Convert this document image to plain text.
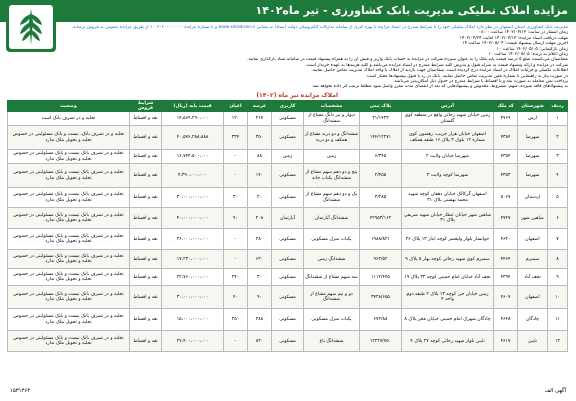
مزایده املاک تملیکی مدیریت بانک کشاورزی - تیر ماه۱۴۰۲
مدیریت بانک کشاورزی استان اصفهان در نظر دارد املاک تملیکی خود را با شرایط مندرج در اسناد مزایده با بهره گیری از سامانه تدارکات الکترونیکی دولت (ستاد) به نشانی www.setadiran.ir و با شماره مزایده ۱۰۰۲۰۲۰۰۰۰۰۰۰۰ از طریق مزایده عمومی به فروش برساند.
زمان انتشار در سایت: ۱۴۰۲/۰۴/۱۴ ساعت ۰۸:۰۰
مهلت دریافت اسناد مزایده: ۱۴۰۲/۰۴/۱۴ لغایت ۱۴۰۲/۰۴/۲۴
آخرین مهلت ارسال پیشنهاد قیمت: ۱۴۰۲/۰۵/۰۴ ساعت ۱۴
زمان بازگشایی: ۱۴۰۲/۰۵/۰۵ ساعت ۱۰
زمان اعلام به برنده: ۱۴۰۲/۰۵/۰۵ ساعت ۱۰
متقاضیان می‌بایست مبلغ ۵ درصد قیمت پایه ملک را به عنوان سپرده شرکت در مزایده به حساب بانک واریز و فیش آن را به همراه پیشنهاد قیمت در سامانه ستاد بارگذاری نمایند.
شرکت در مزایده و ارائه پیشنهاد قیمت به منزله قبول و پذیرش کلیه شرایط مندرج در اسناد مزایده می‌باشد و کلیه هزینه‌ها به عهده خریدار است.
اطلاعات تکمیلی و جزئیات املاک در اسناد مزایده درج گردیده است. متقاضیان جهت بازدید از املاک با واحد املاک مدیریت تماس حاصل نمایند.
در صورت نیاز به راهنمایی با شماره تلفن مدیریت تماس حاصل نمایند. بانک در رد یا قبول پیشنهادها مختار است.
پرداخت ثمن معامله به صورت نقد و یا اقساط با شرایط مندرج در جدول ذیل امکان‌پذیر می‌باشد.
به پیشنهادهای فاقد سپرده، مبهم، مشروط، مخدوش و پیشنهادهایی که بعد از انقضای مدت مقرر واصل شود مطلقاً ترتیب اثر داده نخواهد شد.
املاک مزایده تیر ماه (۱۴۰۲)
ردیف	شهرستان	کد ملک	آدرس	پلاک ثبتی	مشخصات	کاربری	عرصه	اعیان	قیمت پایه (ریال)	شرایط فروش	وضعیت
۱	ارس	۴۷۶۹	زمین خیابان شهید رجائی واقع در منطقه کوی گلستان	۲۱/۱۴۳۳	دیوار و تیر دانگ مشاع از ششدانگ	مسکونی	۲۶۷	۱۲۰	۱۴،۵۶۴،۲۹۰،۰۰۰	نقد و اقساط	تخلیه و در تصرف بانک است
۲	شهرضا	۴۳۸۴	اصفهان خیابان هزار جریب، رهنمون کوی شماره ۱۲ بلوک ۳ پلاک ۱۶ طبقه همکف	۱۴۴/۱۲۲۷۱	ششدانگ و دو دربه مشاع از همکف و دو دربه	مسکونی	۳۵۰	۳۳۴	۴۰،۵۷۶،۲۸۸،۸۸۸	نقد و اقساط	تخلیه و در تصرف بانک، نیست و بانک مسئولیتی در خصوص تخلیه و تحویل ملک ندارد
۳	شهرضا	۴۳۵۴	شهرضا خیابان ولایت ۲	۶/۳۴۵	زمین	زمین	۸۸	-	۱۶،۷۴۴،۵۰۰،۰۰۰	نقد و اقساط	تخلیه و در تصرف بانک نیست و بانک مسئولیتی در خصوص تخلیه و تحویل ملک ندارد
۴	شهرضا	۴۳۵۳	شهرضا کوچه ولایت ۳	۲/۴۵۵	پنج و دو دهم سهم مشاع از ششدانگ یکباب خانه	مسکونی	۱۴۰	-	۴،۳۹۰،۰۰۰،۰۰۰	نقد و اقساط	تخلیه و در تصرف بانک نیست و بانک مسئولیتی در خصوص تخلیه و تحویل ملک ندارد
۵	اردستان	۵۰۶۷	اصفهان گرکالک خیابان دهقان کوچه شهید محمد بهشتی پلاک ۳۱	۳/۲۸۵	یک و دو دهم سهم مشاع از ششدانگ	مسکونی	۲۰	۳۰	۳۰،۰۰۰،۰۰۰،۰۰۰	نقد و اقساط	تخلیه و در تصرف بانک نیست و بانک مسئولیتی در خصوص تخلیه و تحویل ملک ندارد
۶	شاهین شهر	۴۷۴۷	شاهین شهر خیابان عطار خیابان شهید شریفی پلاک ۳۱	۴۲۹۵۳/۱۶۲	ششدانگ آپارتمان	آپارتمان	۲۰۸	۹۰	۴۰،۰۰۰،۰۰۰،۰۰۰	نقد و اقساط	تخلیه و در تصرف بانک نیست و بانک مسئولیتی در خصوص تخلیه و تحویل ملک ندارد
۷	اصفهان	۴۶۲۰	خوانسار بلوار ولیعصر کوچه ایثار ۱۳ پلاک ۲۶	۱۹۸۸/۸۲۱	یکباب منزل مسکونی	مسکونی	۲۸۰	-	۳۶،۰۰۰،۰۰۰،۰۰۰	نقد و اقساط	تخلیه و در تصرف بانک نیست و بانک مسئولیتی در خصوص تخلیه و تحویل ملک ندارد
۸	سمیرم	۴۴۶۴	سمیرم کوی شهید رجائی کوچه بهار ۵ پلاک ۹	۹۶۲/۵۲	ششدانگ زمین	مسکونی	۶۲۰	-	۱۷،۲۳۰،۰۰۰،۰۰۰	نقد و اقساط	تخلیه و در تصرف بانک نیست و بانک مسئولیتی در خصوص تخلیه و تحویل ملک ندارد
۹	نجف آباد	۴۳۹۴	نجف آباد خیابان امام خمینی کوچه ۳۳ پلاک ۱۹	۱۱۱۲/۴۴۵	سه سهم مشاع از ششدانگ	مسکونی	۳۰	۲۴۰	۲۲،۷۶۰،۰۰۰،۰۰۰	نقد و اقساط	تخلیه و در تصرف بانک نیست و بانک مسئولیتی در خصوص تخلیه و تحویل ملک ندارد
۱۰	اصفهان	۴۶۰۷	زمین خیابان جی کوچه ۱۳ پلاک ۲ طبقه دوم واحد ۴	۳۷۲۸/۶۵۵	دو و نیم سهم مشاع از ششدانگ	مسکونی	۹۰	۴۰	۳۰،۰۰۰،۰۰۰،۰۰۰	نقد و اقساط	تخلیه و در تصرف بانک نیست و بانک مسئولیتی در خصوص تخلیه و تحویل ملک ندارد
۱۱	چادگان	۴۶۴۸	چادگان شهرک امام خمینی خیابان فجر پلاک ۸	۶۷۲/۸۸	یکباب منزل مسکونی	مسکونی	۲۸۸	۲۵۰	۱۵،۰۰۰،۰۰۰،۰۰۰	نقد و اقساط	تخلیه و در تصرف بانک نیست و بانک مسئولیتی در خصوص تخلیه و تحویل ملک ندارد
۱۲	نایین	۴۶۱۷	نایین بلوار شهید رجائی کوچه ۲۷ پلاک ۴	۱۲۲۲۷/۷۵۰	ششدانگ باغ	مسکونی	۸۳۰	-	۲۷،۴۰۰،۰۰۰،۰۰۰	نقد و اقساط	تخلیه و در تصرف بانک نیست و بانک مسئولیتی در خصوص تخلیه و تحویل ملک ندارد
آگهی الف
۱۵۳۱۴۶۴
